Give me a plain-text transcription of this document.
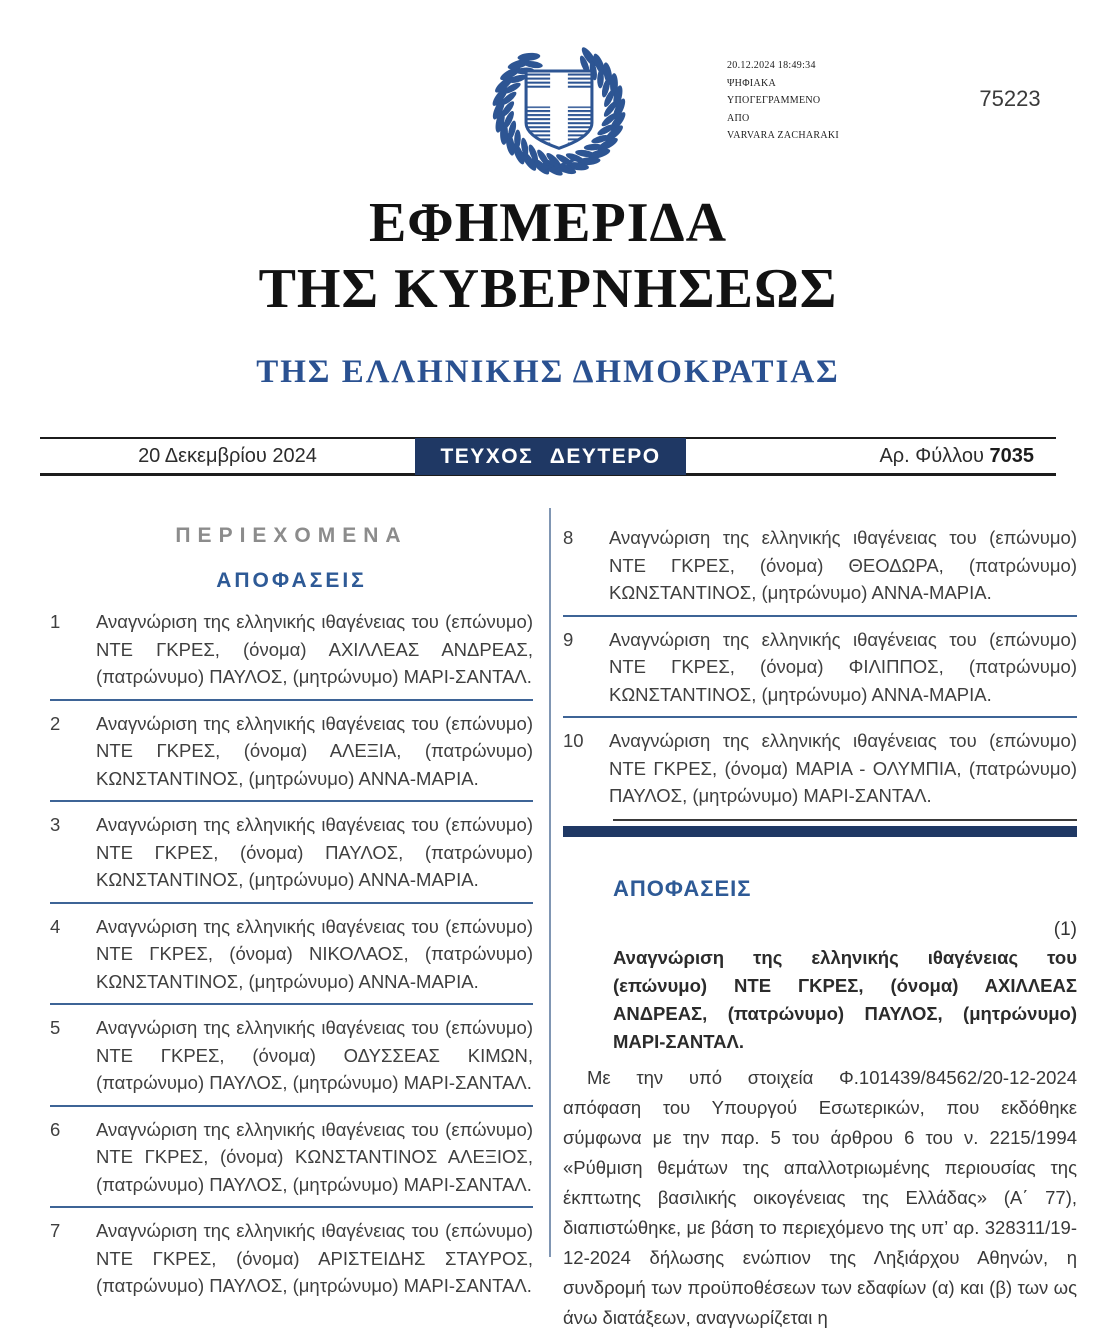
20.12.2024 18:49:34
ΨΗΦΙΑΚΑ
ΥΠΟΓΕΓΡΑΜΜΕΝΟ
ΑΠΟ
VARVARA ZACHARAKI
75223
ΕΦΗΜΕΡΙΔΑ
ΤΗΣ ΚΥΒΕΡΝΗΣΕΩΣ
ΤΗΣ ΕΛΛΗΝΙΚΗΣ ΔΗΜΟΚΡΑΤΙΑΣ
20 Δεκεμβρίου 2024	ΤΕΥΧΟΣ ΔΕΥΤΕΡΟ	Αρ. Φύλλου 7035
ΠΕΡΙΕΧΟΜΕΝΑ
ΑΠΟΦΑΣΕΙΣ
1	Αναγνώριση της ελληνικής ιθαγένειας του (επώνυμο) ΝΤΕ ΓΚΡΕΣ, (όνομα) ΑΧΙΛΛΕΑΣ ΑΝΔΡΕΑΣ, (πατρώνυμο) ΠΑΥΛΟΣ, (μητρώνυμο) ΜΑΡΙ-ΣΑΝΤΑΛ.
2	Αναγνώριση της ελληνικής ιθαγένειας του (επώνυμο) ΝΤΕ ΓΚΡΕΣ, (όνομα) ΑΛΕΞΙΑ, (πατρώνυμο) ΚΩΝΣΤΑΝΤΙΝΟΣ, (μητρώνυμο) ΑΝΝΑ-ΜΑΡΙΑ.
3	Αναγνώριση της ελληνικής ιθαγένειας του (επώνυμο) ΝΤΕ ΓΚΡΕΣ, (όνομα) ΠΑΥΛΟΣ, (πατρώνυμο) ΚΩΝΣΤΑΝΤΙΝΟΣ, (μητρώνυμο) ΑΝΝΑ-ΜΑΡΙΑ.
4	Αναγνώριση της ελληνικής ιθαγένειας του (επώνυμο) ΝΤΕ ΓΚΡΕΣ, (όνομα) ΝΙΚΟΛΑΟΣ, (πατρώνυμο) ΚΩΝΣΤΑΝΤΙΝΟΣ, (μητρώνυμο) ΑΝΝΑ-ΜΑΡΙΑ.
5	Αναγνώριση της ελληνικής ιθαγένειας του (επώνυμο) ΝΤΕ ΓΚΡΕΣ, (όνομα) ΟΔΥΣΣΕΑΣ ΚΙΜΩΝ, (πατρώνυμο) ΠΑΥΛΟΣ, (μητρώνυμο) ΜΑΡΙ-ΣΑΝΤΑΛ.
6	Αναγνώριση της ελληνικής ιθαγένειας του (επώνυμο) ΝΤΕ ΓΚΡΕΣ, (όνομα) ΚΩΝΣΤΑΝΤΙΝΟΣ ΑΛΕΞΙΟΣ, (πατρώνυμο) ΠΑΥΛΟΣ, (μητρώνυμο) ΜΑΡΙ-ΣΑΝΤΑΛ.
7	Αναγνώριση της ελληνικής ιθαγένειας του (επώνυμο) ΝΤΕ ΓΚΡΕΣ, (όνομα) ΑΡΙΣΤΕΙΔΗΣ ΣΤΑΥΡΟΣ, (πατρώνυμο) ΠΑΥΛΟΣ, (μητρώνυμο) ΜΑΡΙ-ΣΑΝΤΑΛ.
8	Αναγνώριση της ελληνικής ιθαγένειας του (επώνυμο) ΝΤΕ ΓΚΡΕΣ, (όνομα) ΘΕΟΔΩΡΑ, (πατρώνυμο) ΚΩΝΣΤΑΝΤΙΝΟΣ, (μητρώνυμο) ΑΝΝΑ-ΜΑΡΙΑ.
9	Αναγνώριση της ελληνικής ιθαγένειας του (επώνυμο) ΝΤΕ ΓΚΡΕΣ, (όνομα) ΦΙΛΙΠΠΟΣ, (πατρώνυμο) ΚΩΝΣΤΑΝΤΙΝΟΣ, (μητρώνυμο) ΑΝΝΑ-ΜΑΡΙΑ.
10	Αναγνώριση της ελληνικής ιθαγένειας του (επώνυμο) ΝΤΕ ΓΚΡΕΣ, (όνομα) ΜΑΡΙΑ - ΟΛΥΜΠΙΑ, (πατρώνυμο) ΠΑΥΛΟΣ, (μητρώνυμο) ΜΑΡΙ-ΣΑΝΤΑΛ.
ΑΠΟΦΑΣΕΙΣ
(1)
Αναγνώριση της ελληνικής ιθαγένειας του (επώνυμο) ΝΤΕ ΓΚΡΕΣ, (όνομα) ΑΧΙΛΛΕΑΣ ΑΝΔΡΕΑΣ, (πατρώνυμο) ΠΑΥΛΟΣ, (μητρώνυμο) ΜΑΡΙ-ΣΑΝΤΑΛ.
Με την υπό στοιχεία Φ.101439/84562/20-12-2024 απόφαση του Υπουργού Εσωτερικών, που εκδόθηκε σύμφωνα με την παρ. 5 του άρθρου 6 του ν. 2215/1994 «Ρύθμιση θεμάτων της απαλλοτριωμένης περιουσίας της έκπτωτης βασιλικής οικογένειας της Ελλάδας» (Α΄ 77), διαπιστώθηκε, με βάση το περιεχόμενο της υπ’ αρ. 328311/19-12-2024 δήλωσης ενώπιον της Ληξιάρχου Αθηνών, η συνδρομή των προϋποθέσεων των εδαφίων (α) και (β) των ως άνω διατάξεων, αναγνωρίζεται η
